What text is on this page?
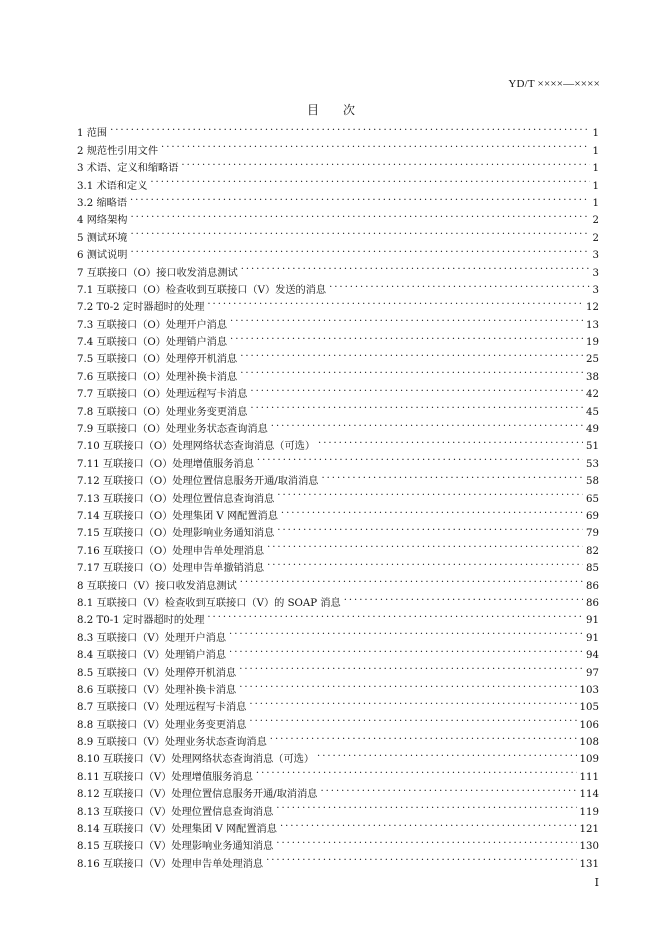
YD/T ××××—××××
目次
1 范围 . . .	1
2 规范性引用文件 . . .	1
3 术语、定义和缩略语 . . .	1
3.1 术语和定义 . . .	1
3.2 缩略语 . . .	1
4 网络架构 . . .	2
5 测试环境 . . .	2
6 测试说明 . . .	3
7 互联接口（O）接口收发消息测试 . . .	3
7.1 互联接口（O）检查收到互联接口（V）发送的消息 . . .	3
7.2 T0-2 定时器超时的处理 . . .	12
7.3 互联接口（O）处理开户消息 . . .	13
7.4 互联接口（O）处理销户消息 . . .	19
7.5 互联接口（O）处理停开机消息 . . .	25
7.6 互联接口（O）处理补换卡消息 . . .	38
7.7 互联接口（O）处理远程写卡消息 . . .	42
7.8 互联接口（O）处理业务变更消息 . . .	45
7.9 互联接口（O）处理业务状态查询消息 . . .	49
7.10 互联接口（O）处理网络状态查询消息（可选） . . .	51
7.11 互联接口（O）处理增值服务消息 . . .	53
7.12 互联接口（O）处理位置信息服务开通/取消消息 . . .	58
7.13 互联接口（O）处理位置信息查询消息 . . .	65
7.14 互联接口（O）处理集团 V 网配置消息 . . .	69
7.15 互联接口（O）处理影响业务通知消息 . . .	79
7.16 互联接口（O）处理申告单处理消息 . . .	82
7.17 互联接口（O）处理申告单撤销消息 . . .	85
8 互联接口（V）接口收发消息测试 . . .	86
8.1 互联接口（V）检查收到互联接口（V）的 SOAP 消息 . . .	86
8.2 T0-1 定时器超时的处理 . . .	91
8.3 互联接口（V）处理开户消息 . . .	91
8.4 互联接口（V）处理销户消息 . . .	94
8.5 互联接口（V）处理停开机消息 . . .	97
8.6 互联接口（V）处理补换卡消息 . . .	103
8.7 互联接口（V）处理远程写卡消息 . . .	105
8.8 互联接口（V）处理业务变更消息 . . .	106
8.9 互联接口（V）处理业务状态查询消息 . . .	108
8.10 互联接口（V）处理网络状态查询消息（可选） . . .	109
8.11 互联接口（V）处理增值服务消息 . . .	111
8.12 互联接口（V）处理位置信息服务开通/取消消息 . . .	114
8.13 互联接口（V）处理位置信息查询消息 . . .	119
8.14 互联接口（V）处理集团 V 网配置消息 . . .	121
8.15 互联接口（V）处理影响业务通知消息 . . .	130
8.16 互联接口（V）处理申告单处理消息 . . .	131
I
